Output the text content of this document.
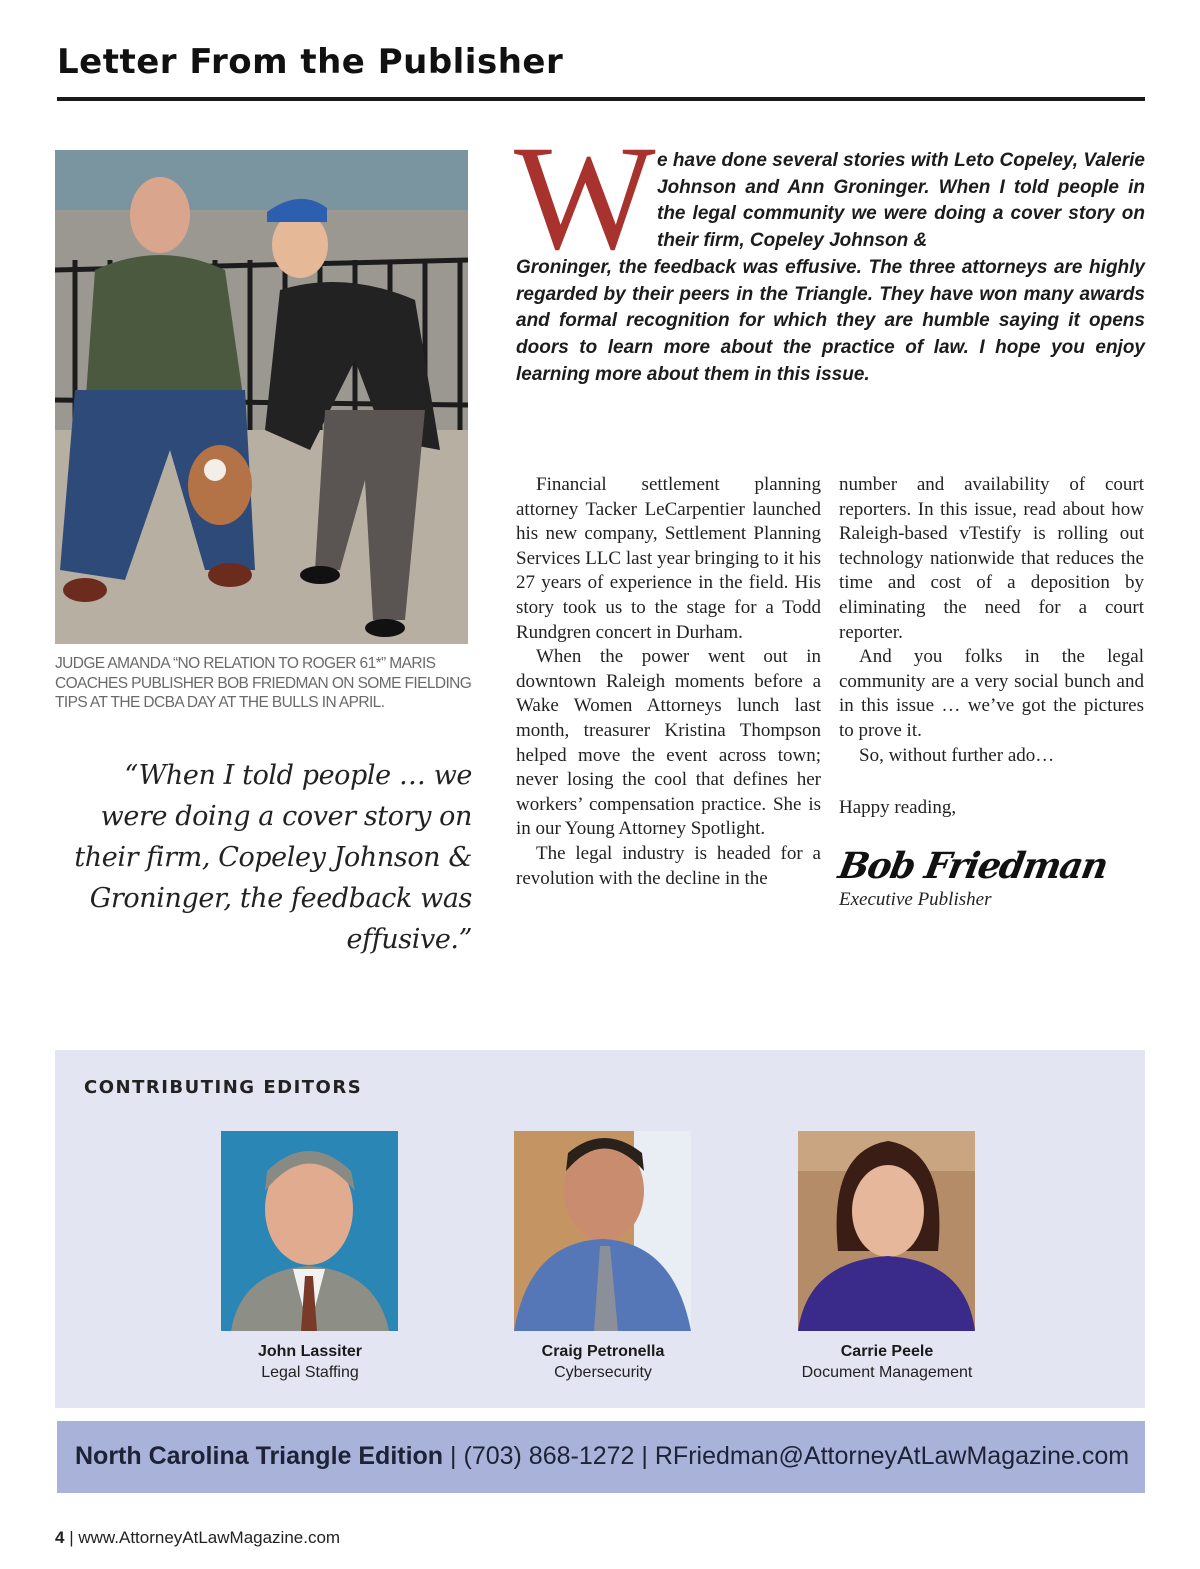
Letter From the Publisher

JUDGE AMANDA “NO RELATION TO ROGER 61*” MARIS COACHES PUBLISHER BOB FRIEDMAN ON SOME FIELDING TIPS AT THE DCBA DAY AT THE BULLS IN APRIL.

“When I told people … we were doing a cover story on their firm, Copeley Johnson & Groninger, the feedback was effusive.”

W e have done several stories with Leto Copeley, Valerie Johnson and Ann Groninger. When I told people in the legal community we were doing a cover story on their firm, Copeley Johnson &

Groninger, the feedback was effusive. The three attorneys are highly regarded by their peers in the Triangle. They have won many awards and formal recognition for which they are humble saying it opens doors to learn more about the practice of law. I hope you enjoy learning more about them in this issue.

Financial settlement planning attorney Tacker LeCarpentier launched his new company, Settlement Planning Services LLC last year bringing to it his 27 years of experience in the field. His story took us to the stage for a Todd Rundgren concert in Durham.

When the power went out in downtown Raleigh moments before a Wake Women Attorneys lunch last month, treasurer Kristina Thompson helped move the event across town; never losing the cool that defines her workers’ compensation practice. She is in our Young Attorney Spotlight.

The legal industry is headed for a revolution with the decline in the

number and availability of court reporters. In this issue, read about how Raleigh-based vTestify is rolling out technology nationwide that reduces the time and cost of a deposition by eliminating the need for a court reporter.

And you folks in the legal community are a very social bunch and in this issue … we’ve got the pictures to prove it.

So, without further ado…

Happy reading,

Bob Friedman
Executive Publisher
CONTRIBUTING EDITORS
John Lassiter
Legal Staffing
Craig Petronella
Cybersecurity
Carrie Peele
Document Management

North Carolina Triangle Edition | (703) 868-1272 | RFriedman@AttorneyAtLawMagazine.com

4 | www.AttorneyAtLawMagazine.com
